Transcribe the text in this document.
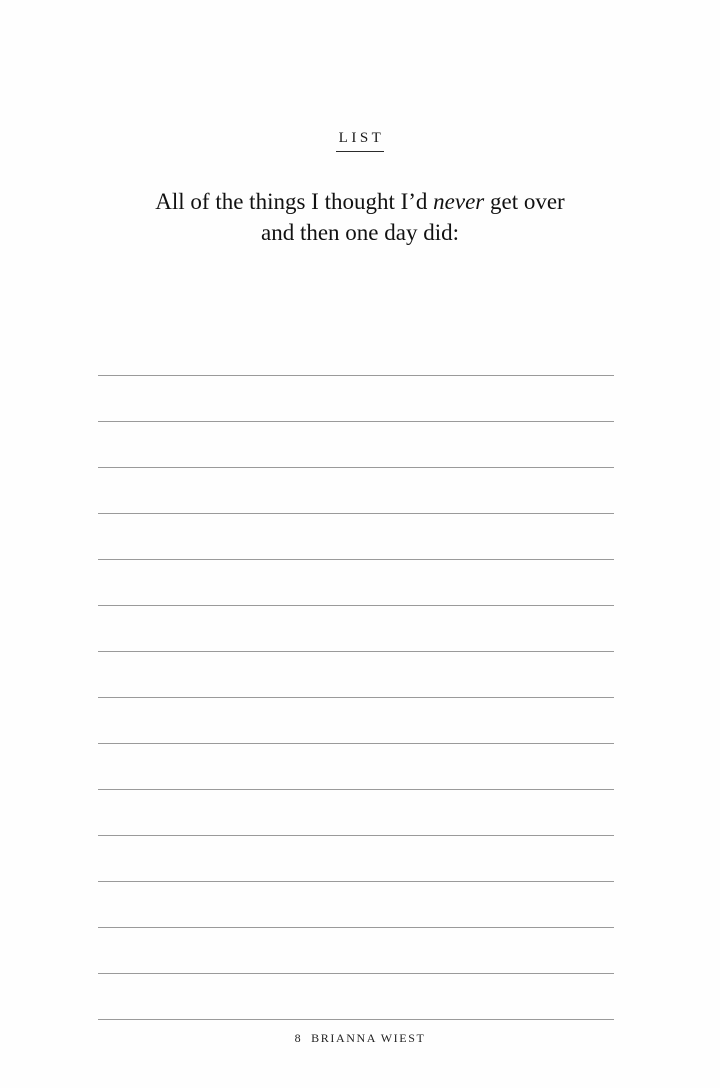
LIST
All of the things I thought I’d never get over
and then one day did:
8 BRIANNA WIEST
